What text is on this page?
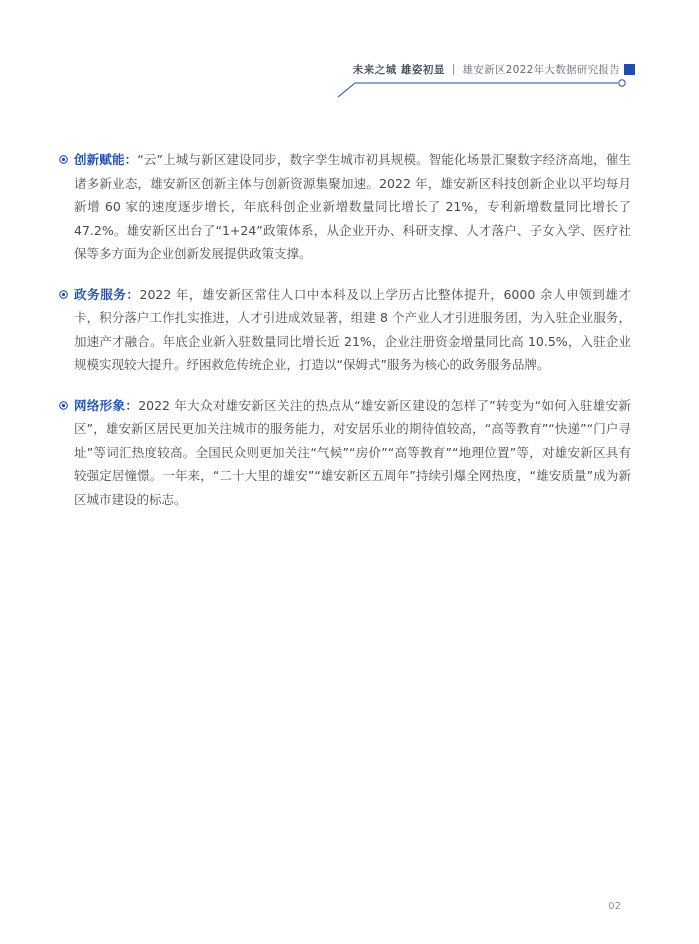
未来之城 雄姿初显 | 雄安新区2022年大数据研究报告
创新赋能：“云”上城与新区建设同步，数字孪生城市初具规模。智能化场景汇聚数字经济高地，催生诸多新业态，雄安新区创新主体与创新资源集聚加速。2022 年，雄安新区科技创新企业以平均每月新增 60 家的速度逐步增长，年底科创企业新增数量同比增长了 21%，专利新增数量同比增长了 47.2%。雄安新区出台了“1+24”政策体系，从企业开办、科研支撑、人才落户、子女入学、医疗社保等多方面为企业创新发展提供政策支撑。
政务服务：2022 年，雄安新区常住人口中本科及以上学历占比整体提升，6000 余人申领到雄才卡，积分落户工作扎实推进，人才引进成效显著，组建 8 个产业人才引进服务团，为入驻企业服务，加速产才融合。年底企业新入驻数量同比增长近 21%，企业注册资金增量同比高 10.5%，入驻企业规模实现较大提升。纾困救危传统企业，打造以“保姆式”服务为核心的政务服务品牌。
网络形象：2022 年大众对雄安新区关注的热点从“雄安新区建设的怎样了”转变为“如何入驻雄安新区”，雄安新区居民更加关注城市的服务能力，对安居乐业的期待值较高，“高等教育”“快递”“门户寻址”等词汇热度较高。全国民众则更加关注“气候”“房价”“高等教育”“地理位置”等，对雄安新区具有较强定居憧憬。一年来，“二十大里的雄安”“雄安新区五周年”持续引爆全网热度，“雄安质量”成为新区城市建设的标志。
02
